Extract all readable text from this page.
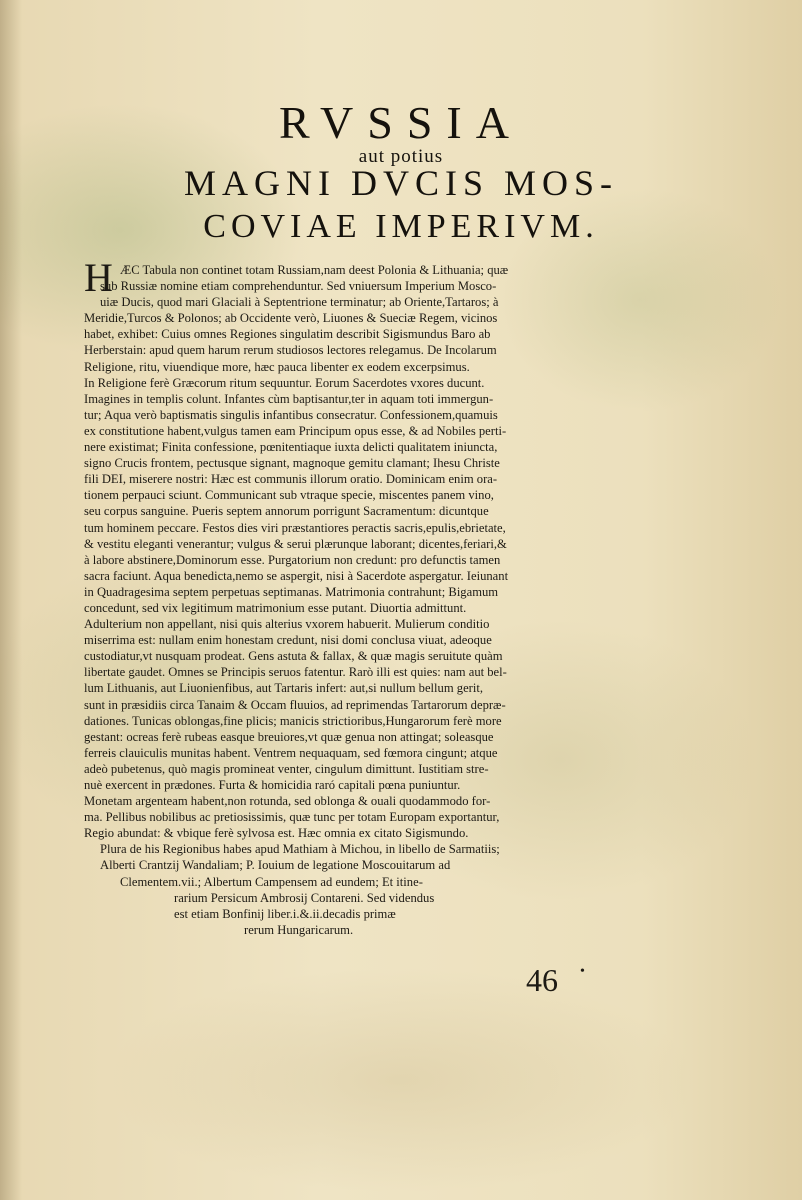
RVSSIA
aut potius
MAGNI DVCIS MOS-
COVIAE IMPERIVM.
H ÆC Tabula non continet totam Russiam,nam deest Polonia & Lithuania; quæ
sub Russiæ nomine etiam comprehenduntur. Sed vniuersum Imperium Mosco-
uiæ Ducis, quod mari Glaciali à Septentrione terminatur; ab Oriente,Tartaros; à
Meridie,Turcos & Polonos; ab Occidente verò, Liuones & Sueciæ Regem, vicinos
habet, exhibet: Cuius omnes Regiones singulatim describit Sigismundus Baro ab
Herberstain: apud quem harum rerum studiosos lectores relegamus. De Incolarum
Religione, ritu, viuendique more, hæc pauca libenter ex eodem excerpsimus.
In Religione ferè Græcorum ritum sequuntur. Eorum Sacerdotes vxores ducunt.
Imagines in templis colunt. Infantes cùm baptisantur,ter in aquam toti immergun-
tur; Aqua verò baptismatis singulis infantibus consecratur. Confessionem,quamuis
ex constitutione habent,vulgus tamen eam Principum opus esse, & ad Nobiles perti-
nere existimat; Finita confessione, pœnitentiaque iuxta delicti qualitatem iniuncta,
signo Crucis frontem, pectusque signant, magnoque gemitu clamant; Ihesu Christe
fili DEI, miserere nostri: Hæc est communis illorum oratio. Dominicam enim ora-
tionem perpauci sciunt. Communicant sub vtraque specie, miscentes panem vino,
seu corpus sanguine. Pueris septem annorum porrigunt Sacramentum: dicuntque
tum hominem peccare. Festos dies viri præstantiores peractis sacris,epulis,ebrietate,
& vestitu eleganti venerantur; vulgus & serui plærunque laborant; dicentes,feriari,&
à labore abstinere,Dominorum esse. Purgatorium non credunt: pro defunctis tamen
sacra faciunt. Aqua benedicta,nemo se aspergit, nisi à Sacerdote aspergatur. Ieiunant
in Quadragesima septem perpetuas septimanas. Matrimonia contrahunt; Bigamum
concedunt, sed vix legitimum matrimonium esse putant. Diuortia admittunt.
Adulterium non appellant, nisi quis alterius vxorem habuerit. Mulierum conditio
miserrima est: nullam enim honestam credunt, nisi domi conclusa viuat, adeoque
custodiatur,vt nusquam prodeat. Gens astuta & fallax, & quæ magis seruitute quàm
libertate gaudet. Omnes se Principis seruos fatentur. Rarò illi est quies: nam aut bel-
lum Lithuanis, aut Liuonienfibus, aut Tartaris infert: aut,si nullum bellum gerit,
sunt in præsidiis circa Tanaim & Occam fluuios, ad reprimendas Tartarorum depræ-
dationes. Tunicas oblongas,fine plicis; manicis strictioribus,Hungarorum ferè more
gestant: ocreas ferè rubeas easque breuiores,vt quæ genua non attingat; soleasque
ferreis clauiculis munitas habent. Ventrem nequaquam, sed fœmora cingunt; atque
adeò pubetenus, quò magis promineat venter, cingulum dimittunt. Iustitiam stre-
nuè exercent in prædones. Furta & homicidia raró capitali pœna puniuntur.
Monetam argenteam habent,non rotunda, sed oblonga & ouali quodammodo for-
ma. Pellibus nobilibus ac pretiosissimis, quæ tunc per totam Europam exportantur,
Regio abundat: & vbique ferè sylvosa est. Hæc omnia ex citato Sigismundo.
Plura de his Regionibus habes apud Mathiam à Michou, in libello de Sarmatiis;
Alberti Crantzij Wandaliam; P. Iouium de legatione Moscouitarum ad
Clementem.vii.; Albertum Campensem ad eundem; Et itine-
rarium Persicum Ambrosij Contareni. Sed videndus
est etiam Bonfinij liber.i.&.ii.decadis primæ
rerum Hungaricarum.
46 •
